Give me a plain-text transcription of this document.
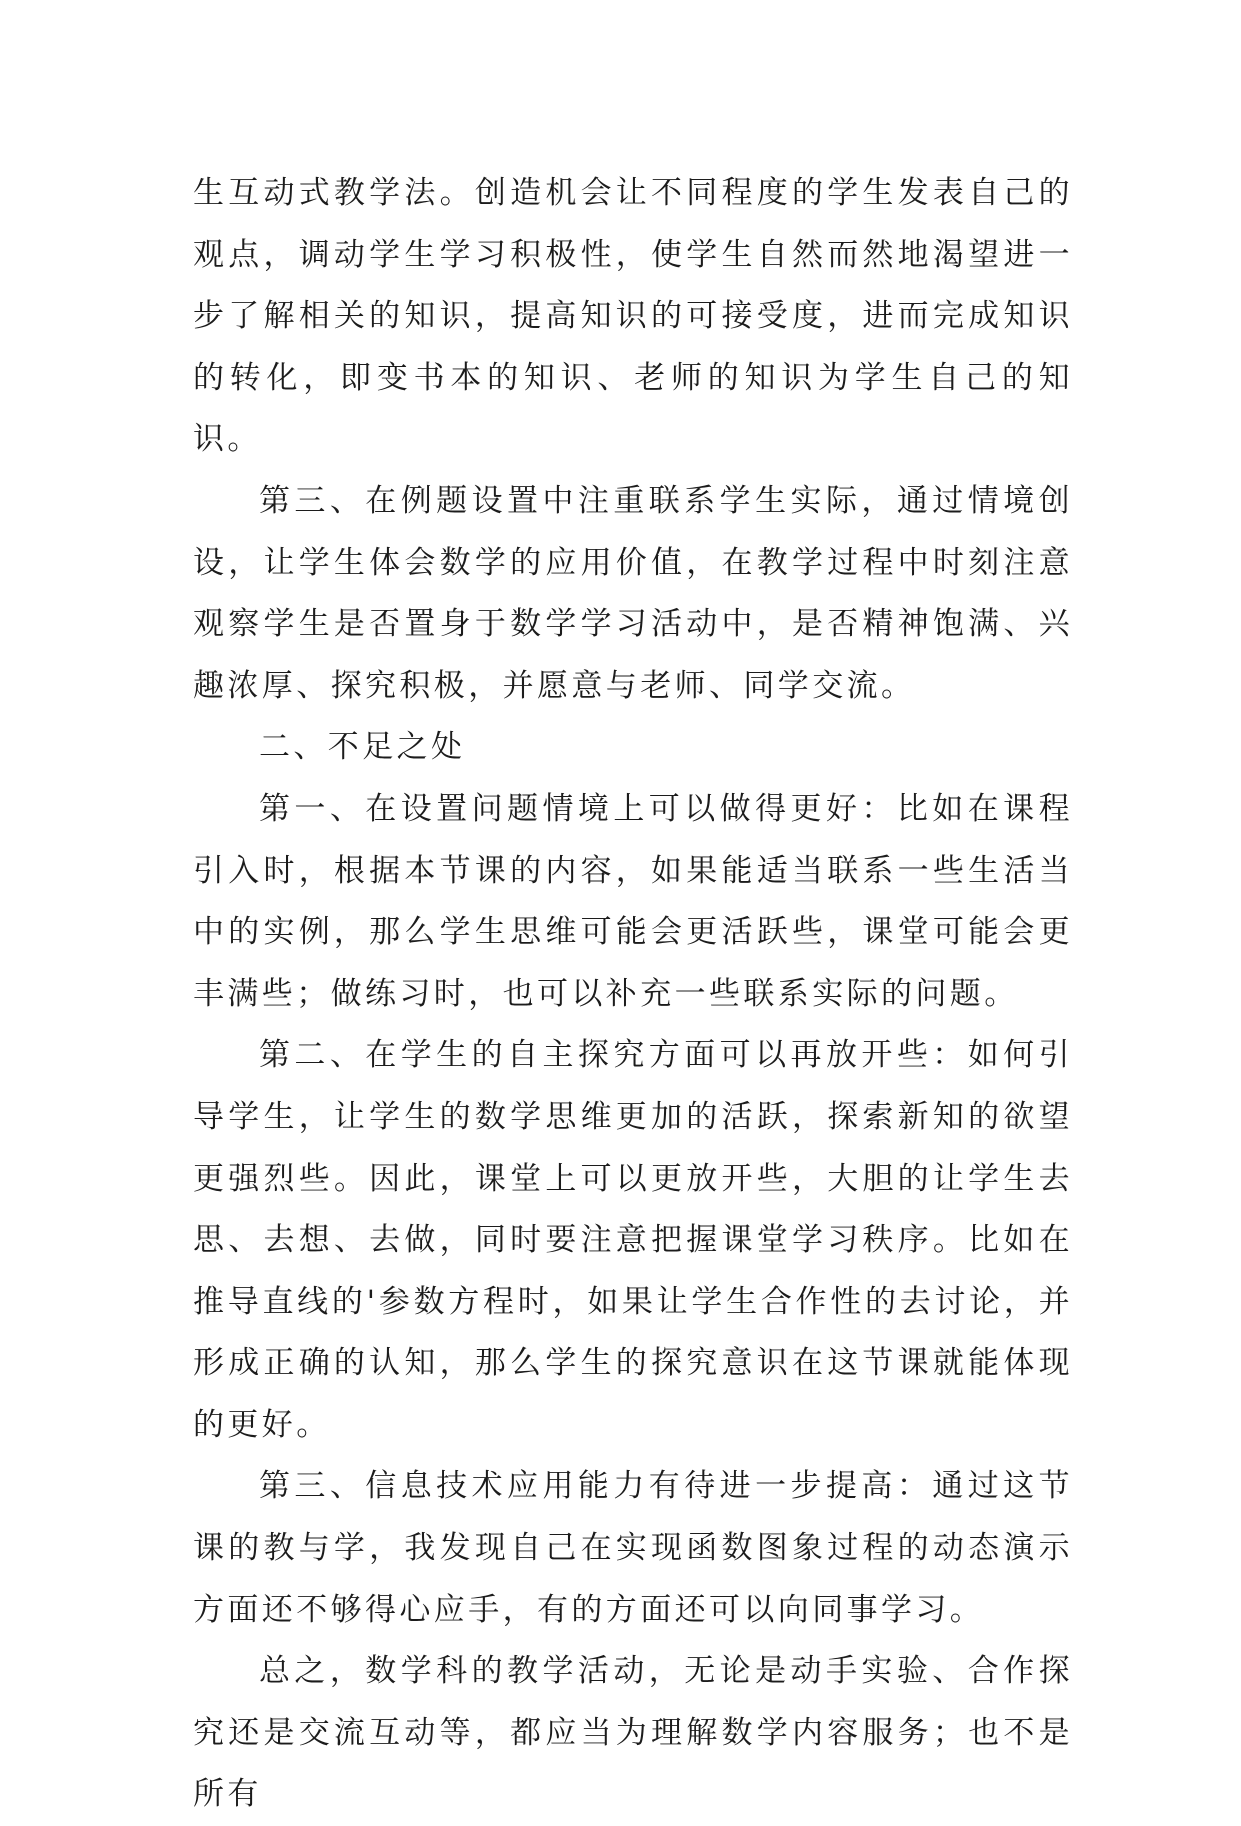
生互动式教学法。创造机会让不同程度的学生发表自己的观点，调动学生学习积极性，使学生自然而然地渴望进一步了解相关的知识，提高知识的可接受度，进而完成知识的转化，即变书本的知识、老师的知识为学生自己的知识。

第三、在例题设置中注重联系学生实际，通过情境创设，让学生体会数学的应用价值，在教学过程中时刻注意观察学生是否置身于数学学习活动中，是否精神饱满、兴趣浓厚、探究积极，并愿意与老师、同学交流。

二、不足之处

第一、在设置问题情境上可以做得更好：比如在课程引入时，根据本节课的内容，如果能适当联系一些生活当中的实例，那么学生思维可能会更活跃些，课堂可能会更丰满些；做练习时，也可以补充一些联系实际的问题。

第二、在学生的自主探究方面可以再放开些：如何引导学生，让学生的数学思维更加的活跃，探索新知的欲望更强烈些。因此，课堂上可以更放开些，大胆的让学生去思、去想、去做，同时要注意把握课堂学习秩序。比如在推导直线的'参数方程时，如果让学生合作性的去讨论，并形成正确的认知，那么学生的探究意识在这节课就能体现的更好。

第三、信息技术应用能力有待进一步提高：通过这节课的教与学，我发现自己在实现函数图象过程的动态演示方面还不够得心应手，有的方面还可以向同事学习。

总之，数学科的教学活动，无论是动手实验、合作探究还是交流互动等，都应当为理解数学内容服务；也不是所有
